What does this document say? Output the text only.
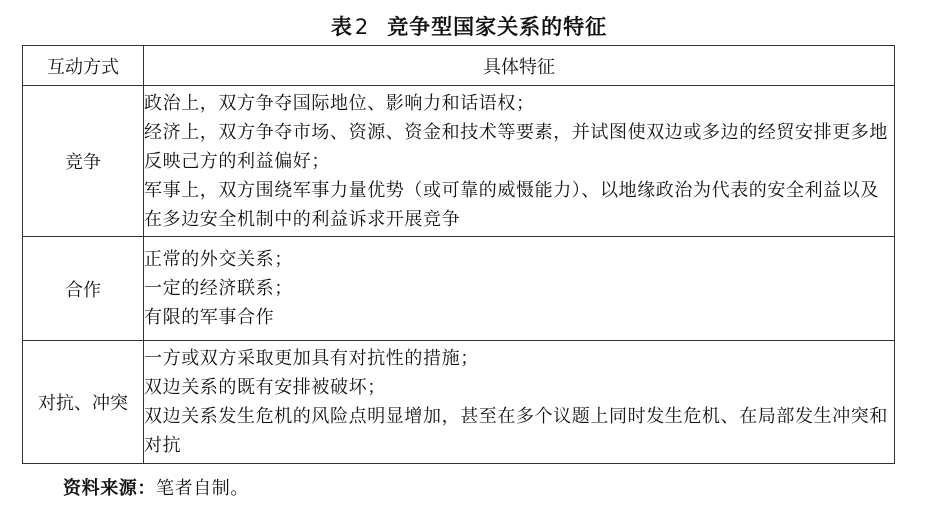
表2 竞争型国家关系的特征
互动方式	具体特征
竞争	政治上，双方争夺国际地位、影响力和话语权；
经济上，双方争夺市场、资源、资金和技术等要素，并试图使双边或多边的经贸安排更多地反映己方的利益偏好；
军事上，双方围绕军事力量优势（或可靠的威慑能力）、以地缘政治为代表的安全利益以及在多边安全机制中的利益诉求开展竞争

合作	正常的外交关系；
一定的经济联系；
有限的军事合作

对抗、冲突	一方或双方采取更加具有对抗性的措施；
双边关系的既有安排被破坏；
双边关系发生危机的风险点明显增加，甚至在多个议题上同时发生危机、在局部发生冲突和对抗
资料来源：笔者自制。
